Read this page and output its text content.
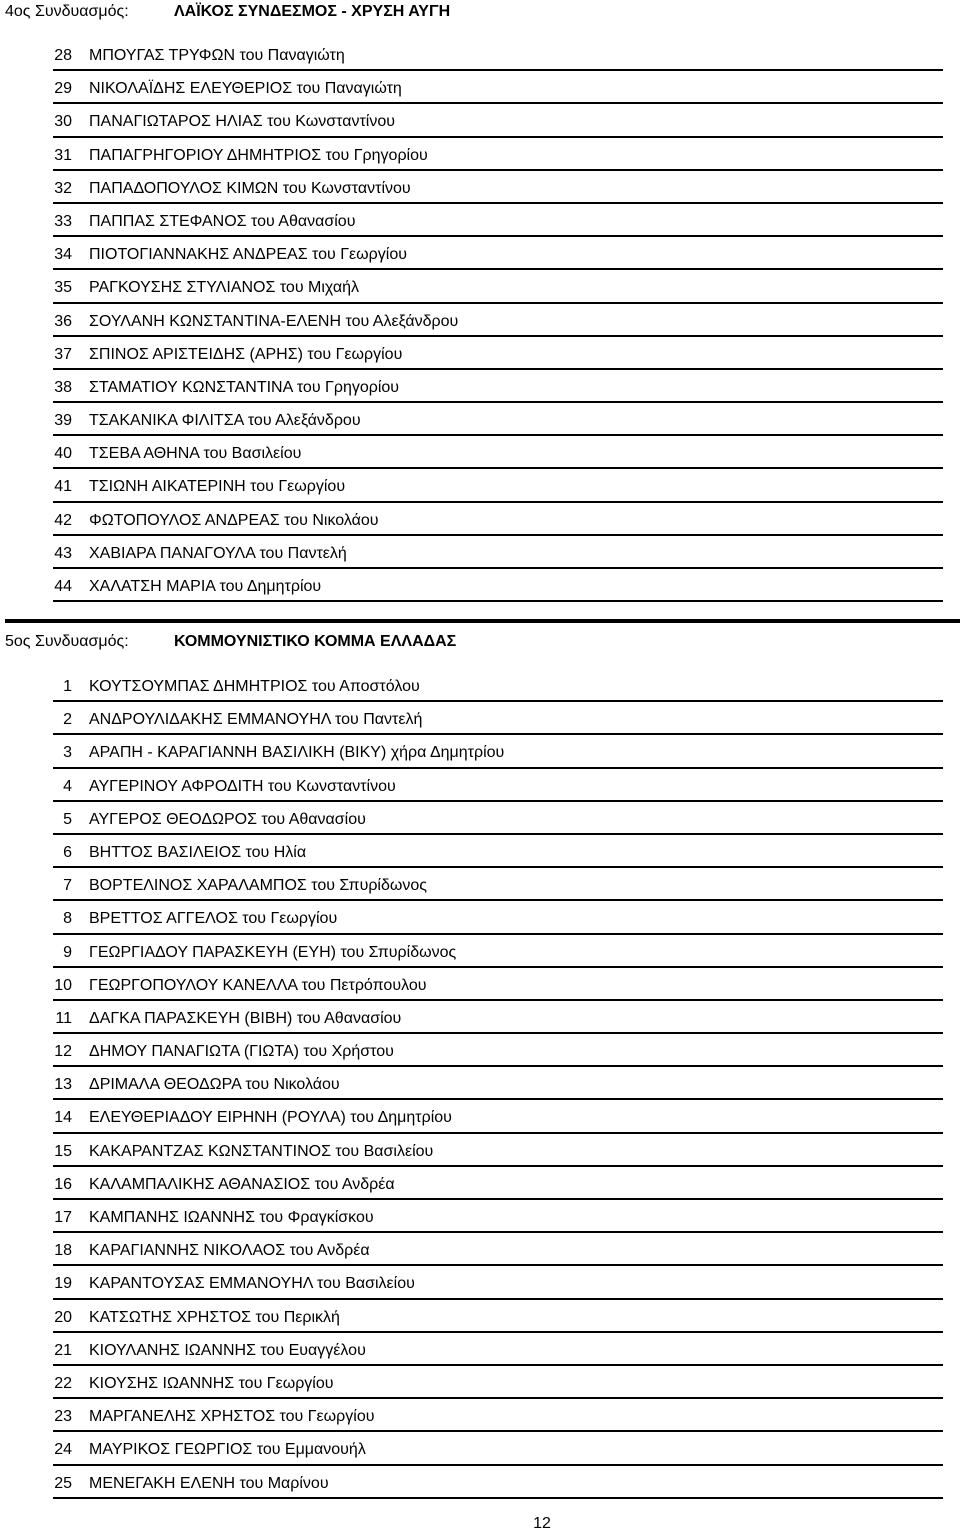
4ος Συνδυασμός:	ΛΑΪΚΟΣ ΣΥΝΔΕΣΜΟΣ - ΧΡΥΣΗ ΑΥΓΗ
28 ΜΠΟΥΓΑΣ ΤΡΥΦΩΝ του Παναγιώτη
29 ΝΙΚΟΛΑΪΔΗΣ ΕΛΕΥΘΕΡΙΟΣ του Παναγιώτη
30 ΠΑΝΑΓΙΩΤΑΡΟΣ ΗΛΙΑΣ του Κωνσταντίνου
31 ΠΑΠΑΓΡΗΓΟΡΙΟΥ ΔΗΜΗΤΡΙΟΣ του Γρηγορίου
32 ΠΑΠΑΔΟΠΟΥΛΟΣ ΚΙΜΩΝ του Κωνσταντίνου
33 ΠΑΠΠΑΣ ΣΤΕΦΑΝΟΣ του Αθανασίου
34 ΠΙΟΤΟΓΙΑΝΝΑΚΗΣ ΑΝΔΡΕΑΣ του Γεωργίου
35 ΡΑΓΚΟΥΣΗΣ ΣΤΥΛΙΑΝΟΣ του Μιχαήλ
36 ΣΟΥΛΑΝΗ ΚΩΝΣΤΑΝΤΙΝΑ-ΕΛΕΝΗ του Αλεξάνδρου
37 ΣΠΙΝΟΣ ΑΡΙΣΤΕΙΔΗΣ (ΑΡΗΣ) του Γεωργίου
38 ΣΤΑΜΑΤΙΟΥ ΚΩΝΣΤΑΝΤΙΝΑ του Γρηγορίου
39 ΤΣΑΚΑΝΙΚΑ ΦΙΛΙΤΣΑ του Αλεξάνδρου
40 ΤΣΕΒΑ ΑΘΗΝΑ του Βασιλείου
41 ΤΣΙΩΝΗ ΑΙΚΑΤΕΡΙΝΗ του Γεωργίου
42 ΦΩΤΟΠΟΥΛΟΣ ΑΝΔΡΕΑΣ του Νικολάου
43 ΧΑΒΙΑΡΑ ΠΑΝΑΓΟΥΛΑ του Παντελή
44 ΧΑΛΑΤΣΗ ΜΑΡΙΑ του Δημητρίου
5ος Συνδυασμός:	ΚΟΜΜΟΥΝΙΣΤΙΚΟ ΚΟΜΜΑ ΕΛΛΑΔΑΣ
1 ΚΟΥΤΣΟΥΜΠΑΣ ΔΗΜΗΤΡΙΟΣ του Αποστόλου
2 ΑΝΔΡΟΥΛΙΔΑΚΗΣ ΕΜΜΑΝΟΥΗΛ του Παντελή
3 ΑΡΑΠΗ - ΚΑΡΑΓΙΑΝΝΗ ΒΑΣΙΛΙΚΗ (ΒΙΚΥ) χήρα Δημητρίου
4 ΑΥΓΕΡΙΝΟΥ ΑΦΡΟΔΙΤΗ του Κωνσταντίνου
5 ΑΥΓΕΡΟΣ ΘΕΟΔΩΡΟΣ του Αθανασίου
6 ΒΗΤΤΟΣ ΒΑΣΙΛΕΙΟΣ του Ηλία
7 ΒΟΡΤΕΛΙΝΟΣ ΧΑΡΑΛΑΜΠΟΣ του Σπυρίδωνος
8 ΒΡΕΤΤΟΣ ΑΓΓΕΛΟΣ του Γεωργίου
9 ΓΕΩΡΓΙΑΔΟΥ ΠΑΡΑΣΚΕΥΗ (ΕΥΗ) του Σπυρίδωνος
10 ΓΕΩΡΓΟΠΟΥΛΟΥ ΚΑΝΕΛΛΑ του Πετρόπουλου
11 ΔΑΓΚΑ ΠΑΡΑΣΚΕΥΗ (ΒΙΒΗ) του Αθανασίου
12 ΔΗΜΟΥ ΠΑΝΑΓΙΩΤΑ (ΓΙΩΤΑ) του Χρήστου
13 ΔΡΙΜΑΛΑ ΘΕΟΔΩΡΑ του Νικολάου
14 ΕΛΕΥΘΕΡΙΑΔΟΥ ΕΙΡΗΝΗ (ΡΟΥΛΑ) του Δημητρίου
15 ΚΑΚΑΡΑΝΤΖΑΣ ΚΩΝΣΤΑΝΤΙΝΟΣ του Βασιλείου
16 ΚΑΛΑΜΠΑΛΙΚΗΣ ΑΘΑΝΑΣΙΟΣ του Ανδρέα
17 ΚΑΜΠΑΝΗΣ ΙΩΑΝΝΗΣ του Φραγκίσκου
18 ΚΑΡΑΓΙΑΝΝΗΣ ΝΙΚΟΛΑΟΣ του Ανδρέα
19 ΚΑΡΑΝΤΟΥΣΑΣ ΕΜΜΑΝΟΥΗΛ του Βασιλείου
20 ΚΑΤΣΩΤΗΣ ΧΡΗΣΤΟΣ του Περικλή
21 ΚΙΟΥΛΑΝΗΣ ΙΩΑΝΝΗΣ του Ευαγγέλου
22 ΚΙΟΥΣΗΣ ΙΩΑΝΝΗΣ του Γεωργίου
23 ΜΑΡΓΑΝΕΛΗΣ ΧΡΗΣΤΟΣ του Γεωργίου
24 ΜΑΥΡΙΚΟΣ ΓΕΩΡΓΙΟΣ του Εμμανουήλ
25 ΜΕΝΕΓΑΚΗ ΕΛΕΝΗ του Μαρίνου
12
